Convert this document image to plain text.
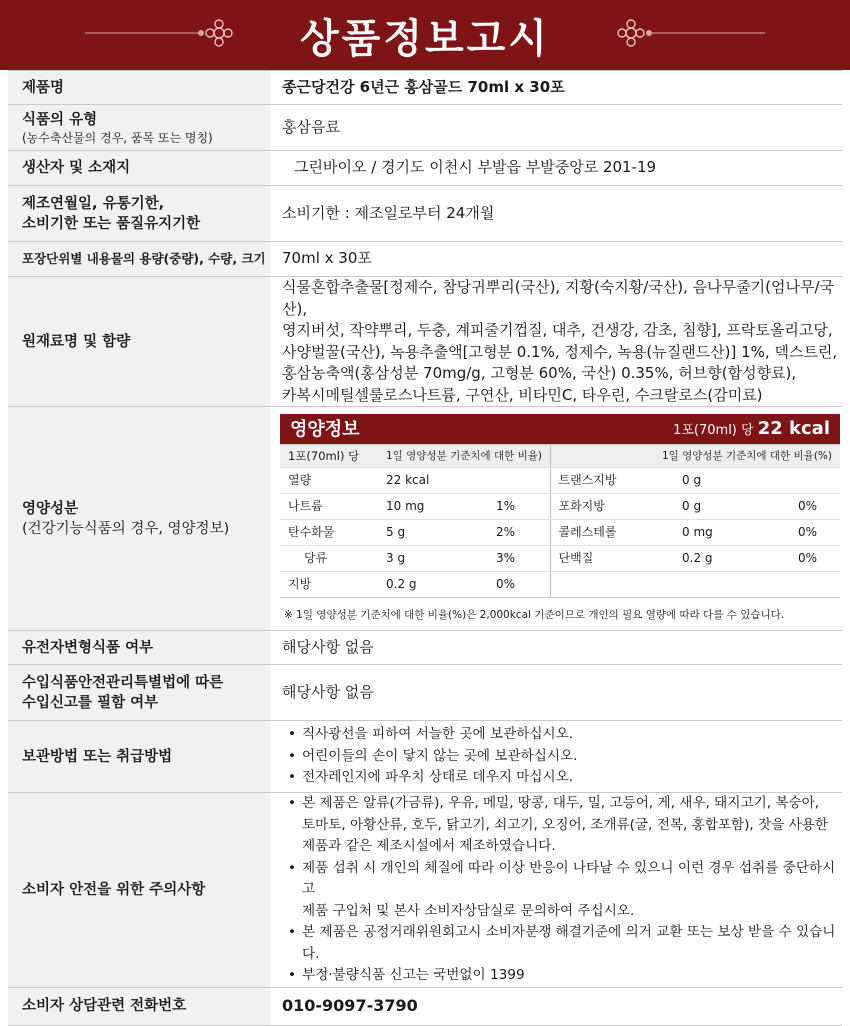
상품정보고시
제품명	종근당건강 6년근 홍삼골드 70ml x 30포
식품의 유형
(농수축산물의 경우, 품목 또는 명칭)
	홍삼음료
생산자 및 소재지	그린바이오 / 경기도 이천시 부발읍 부발중앙로 201-19
제조연월일, 유통기한,
소비기한 또는 품질유지기한	소비기한 : 제조일로부터 24개월
포장단위별 내용물의 용량(중량), 수량, 크기	70ml x 30포
원재료명 및 함량	
식물혼합추출물[정제수, 참당귀뿌리(국산), 지황(숙지황/국산), 음나무줄기(엄나무/국산),
영지버섯, 작약뿌리, 두충, 계피줄기껍질, 대추, 건생강, 감초, 침향], 프락토올리고당,
사양벌꿀(국산), 녹용추출액[고형분 0.1%, 정제수, 녹용(뉴질랜드산)] 1%, 덱스트린,
홍삼농축액(홍삼성분 70mg/g, 고형분 60%, 국산) 0.35%, 허브향(합성향료),
카복시메틸셀룰로스나트륨, 구연산, 비타민C, 타우린, 수크랄로스(감미료)

영양성분
(건강기능식품의 경우, 영양정보)	
영양정보	1포(70ml) 당 22 kcal
1포(70ml) 당	1일 영양성분 기준치에 대한 비율)	1일 영양성분 기준치에 대한 비율(%)
열량	22 kcal		트랜스지방	0 g	
나트륨	10 mg	1%	포화지방	0 g	0%
탄수화물	5 g	2%	콜레스테롤	0 mg	0%
당류	3 g	3%	단백질	0.2 g	0%
지방	0.2 g	0%			
※ 1일 영양성분 기준치에 대한 비율(%)은 2,000kcal 기준이므로 개인의 필요 열량에 따라 다를 수 있습니다.

유전자변형식품 여부	해당사항 없음
수입식품안전관리특별법에 따른
수입신고를 필함 여부	해당사항 없음
보관방법 또는 취급방법	
• 직사광선을 피하여 서늘한 곳에 보관하십시오.
• 어린이들의 손이 닿지 않는 곳에 보관하십시오.
• 전자레인지에 파우치 상태로 데우지 마십시오.

소비자 안전을 위한 주의사항	
• 본 제품은 알류(가금류), 우유, 메밀, 땅콩, 대두, 밀, 고등어, 게, 새우, 돼지고기, 복숭아,
토마토, 아황산류, 호두, 닭고기, 쇠고기, 오징어, 조개류(굴, 전복, 홍합포함), 잣을 사용한
제품과 같은 제조시설에서 제조하였습니다.
• 제품 섭취 시 개인의 체질에 따라 이상 반응이 나타날 수 있으니 이런 경우 섭취를 중단하시고
제품 구입처 및 본사 소비자상담실로 문의하여 주십시오.
• 본 제품은 공정거래위원회고시 소비자분쟁 해결기준에 의거 교환 또는 보상 받을 수 있습니다.
• 부정·불량식품 신고는 국번없이 1399

소비자 상담관련 전화번호	010-9097-3790
